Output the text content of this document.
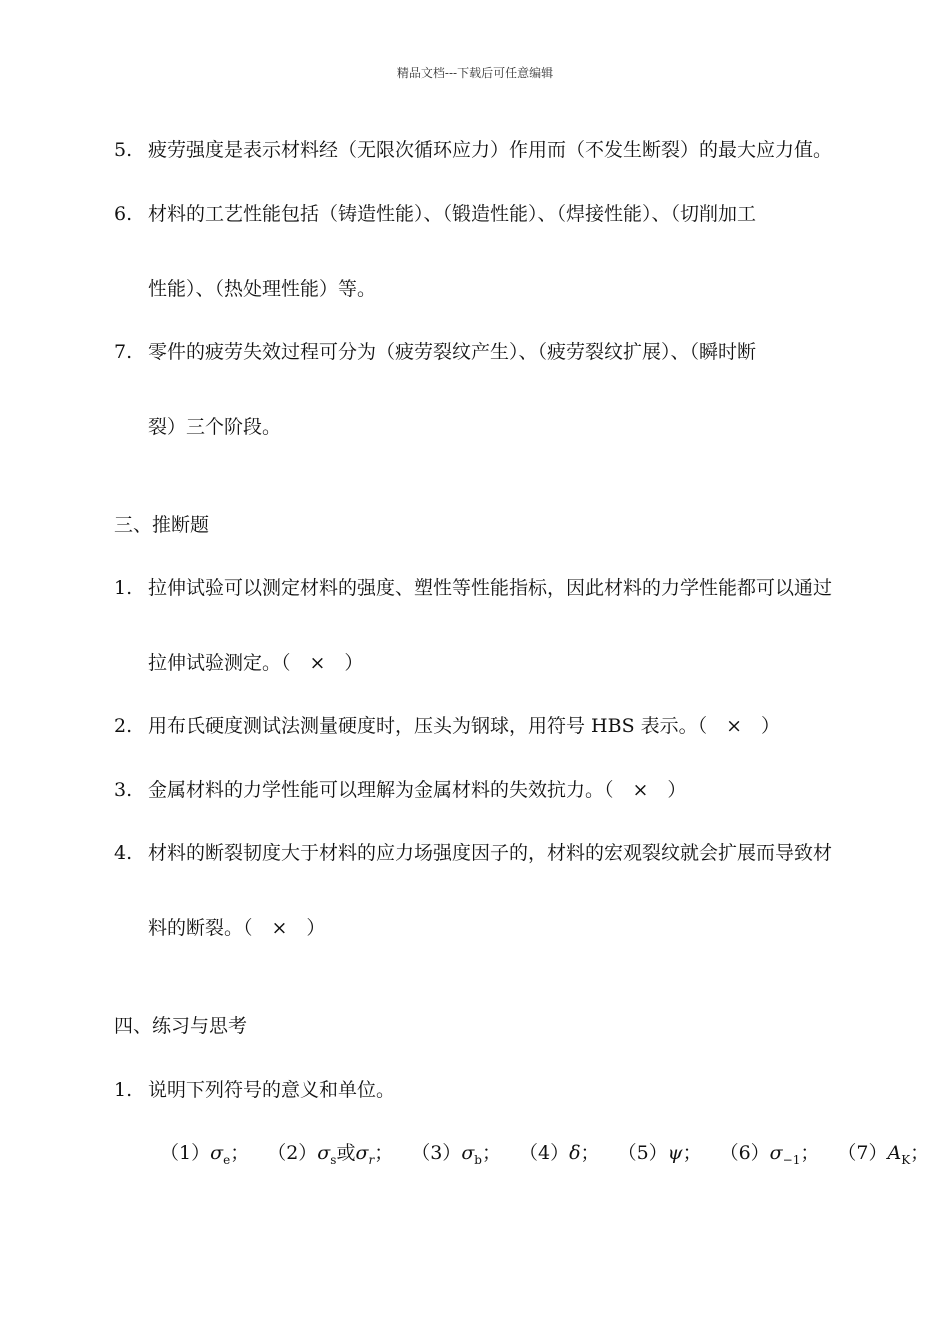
精品文档---下载后可任意编辑
5. 疲劳强度是表示材料经（无限次循环应力）作用而（不发生断裂）的最大应力值。
6. 材料的工艺性能包括（铸造性能）、（锻造性能）、（焊接性能）、（切削加工
性能）、（热处理性能）等。
7. 零件的疲劳失效过程可分为（疲劳裂纹产生）、（疲劳裂纹扩展）、（瞬时断
裂）三个阶段。
三、推断题
1. 拉伸试验可以测定材料的强度、塑性等性能指标，因此材料的力学性能都可以通过
拉伸试验测定。（　×　）
2. 用布氏硬度测试法测量硬度时，压头为钢球，用符号 HBS 表示。（　×　）
3. 金属材料的力学性能可以理解为金属材料的失效抗力。（　×　）
4. 材料的断裂韧度大于材料的应力场强度因子的，材料的宏观裂纹就会扩展而导致材
料的断裂。（　×　）
四、练习与思考
1. 说明下列符号的意义和单位。
$(1)\sigma_e$； $(2)\sigma_s$或$\sigma_r$； $(3)\sigma_b$； （4）δ； （5）ψ； $(6)\sigma_{-1}$； $(7)A_K$；
